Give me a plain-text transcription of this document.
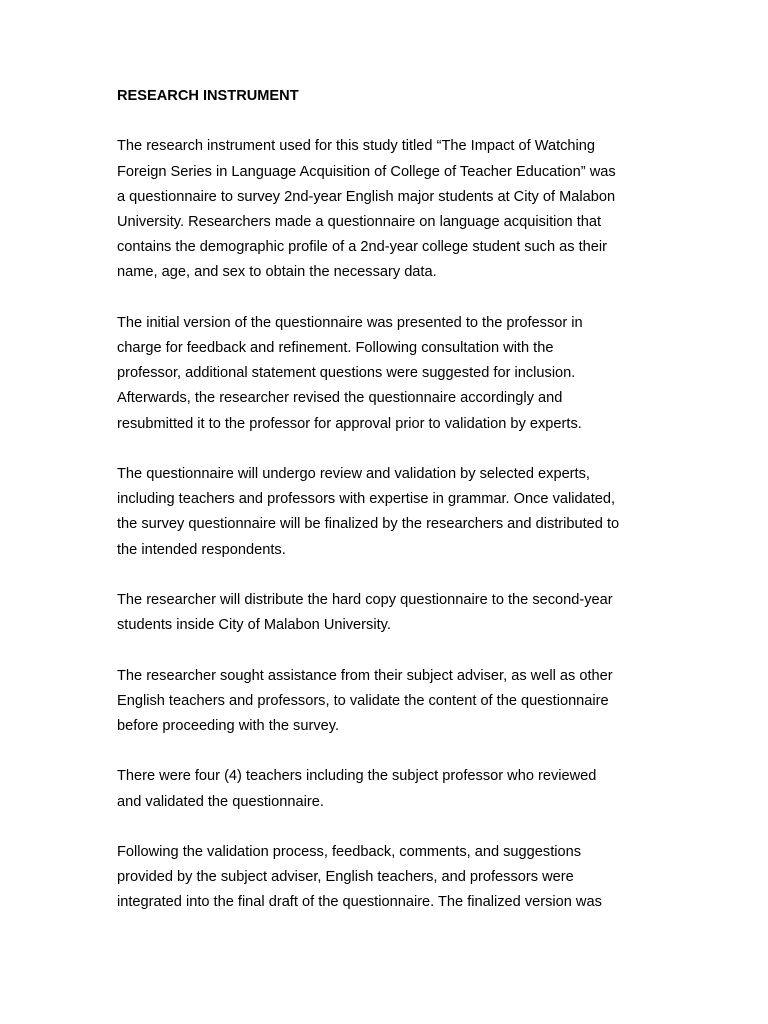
RESEARCH INSTRUMENT
The research instrument used for this study titled “The Impact of Watching
Foreign Series in Language Acquisition of College of Teacher Education” was
a questionnaire to survey 2nd-year English major students at City of Malabon
University. Researchers made a questionnaire on language acquisition that
contains the demographic profile of a 2nd-year college student such as their
name, age, and sex to obtain the necessary data.
The initial version of the questionnaire was presented to the professor in
charge for feedback and refinement. Following consultation with the
professor, additional statement questions were suggested for inclusion.
Afterwards, the researcher revised the questionnaire accordingly and
resubmitted it to the professor for approval prior to validation by experts.
The questionnaire will undergo review and validation by selected experts,
including teachers and professors with expertise in grammar. Once validated,
the survey questionnaire will be finalized by the researchers and distributed to
the intended respondents.
The researcher will distribute the hard copy questionnaire to the second-year
students inside City of Malabon University.
The researcher sought assistance from their subject adviser, as well as other
English teachers and professors, to validate the content of the questionnaire
before proceeding with the survey.
There were four (4) teachers including the subject professor who reviewed
and validated the questionnaire.
Following the validation process, feedback, comments, and suggestions
provided by the subject adviser, English teachers, and professors were
integrated into the final draft of the questionnaire. The finalized version was
